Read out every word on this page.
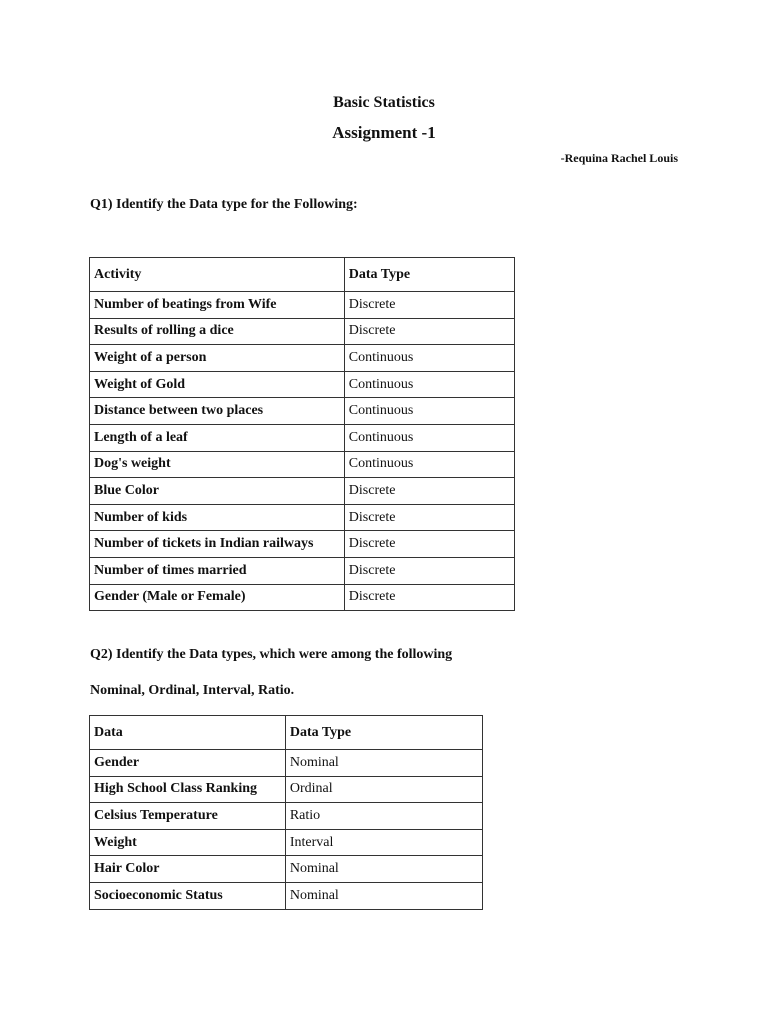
Basic Statistics
Assignment -1
-Requina Rachel Louis
Q1) Identify the Data type for the Following:
Activity	Data Type
Number of beatings from Wife	Discrete
Results of rolling a dice	Discrete
Weight of a person	Continuous
Weight of Gold	Continuous
Distance between two places	Continuous
Length of a leaf	Continuous
Dog's weight	Continuous
Blue Color	Discrete
Number of kids	Discrete
Number of tickets in Indian railways	Discrete
Number of times married	Discrete
Gender (Male or Female)	Discrete
Q2) Identify the Data types, which were among the following
Nominal, Ordinal, Interval, Ratio.
Data	Data Type
Gender	Nominal
High School Class Ranking	Ordinal
Celsius Temperature	Ratio
Weight	Interval
Hair Color	Nominal
Socioeconomic Status	Nominal
